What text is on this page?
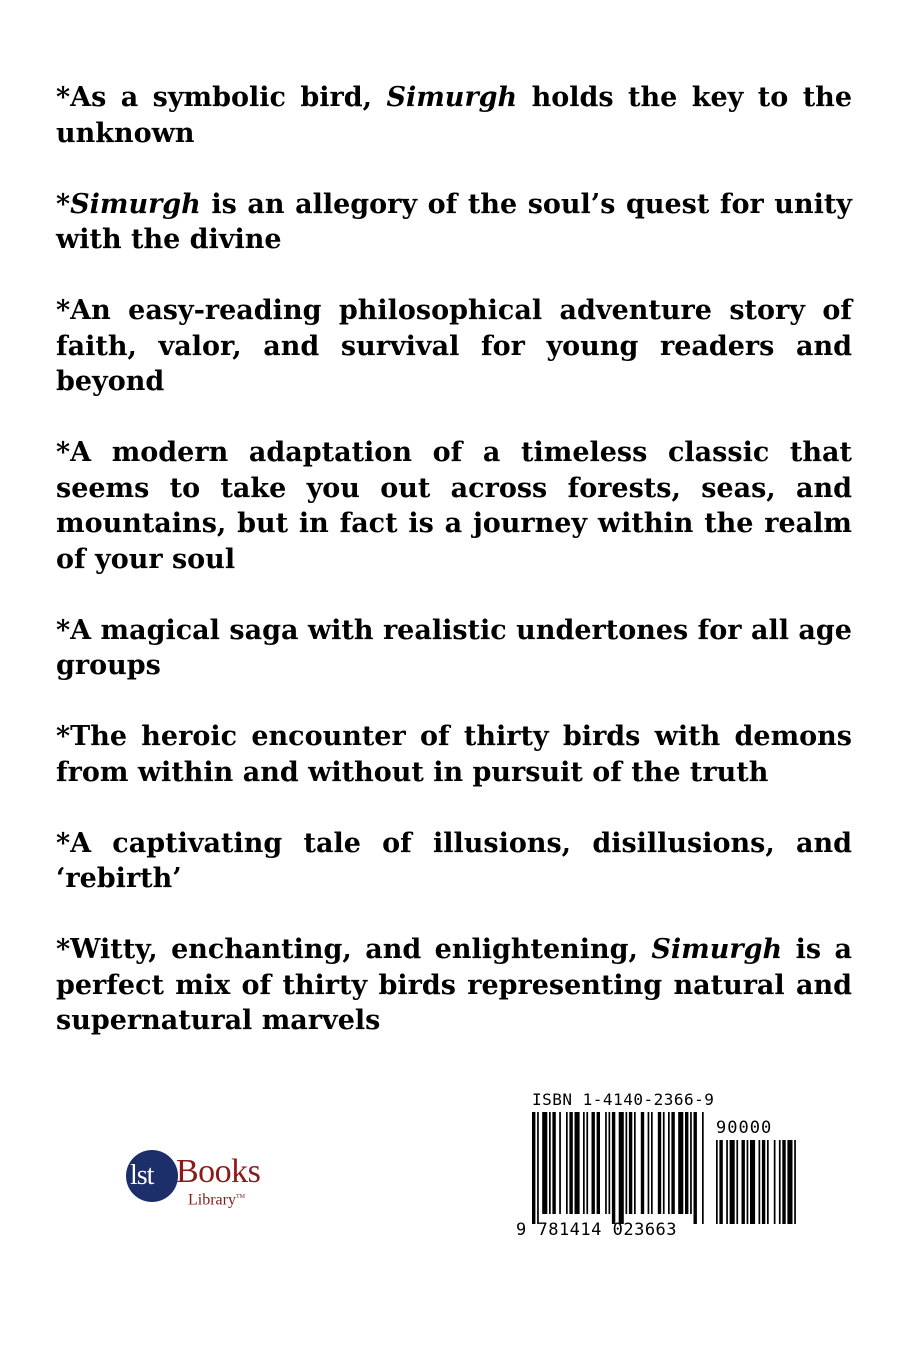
*As a symbolic bird, Simurgh holds the key to the unknown

*Simurgh is an allegory of the soul’s quest for unity with the divine

*An easy-reading philosophical adventure story of faith, valor, and survival for young readers and beyond

*A modern adaptation of a timeless classic that seems to take you out across forests, seas, and mountains, but in fact is a journey within the realm of your soul

*A magical saga with realistic undertones for all age groups

*The heroic encounter of thirty birds with demons from within and without in pursuit of the truth

*A captivating tale of illusions, disillusions, and ‘rebirth’

*Witty, enchanting, and enlightening, Simurgh is a perfect mix of thirty birds representing natural and supernatural marvels

lst Books
Library™
ISBN 1-4140-2366-9
90000
9 781414 023663
